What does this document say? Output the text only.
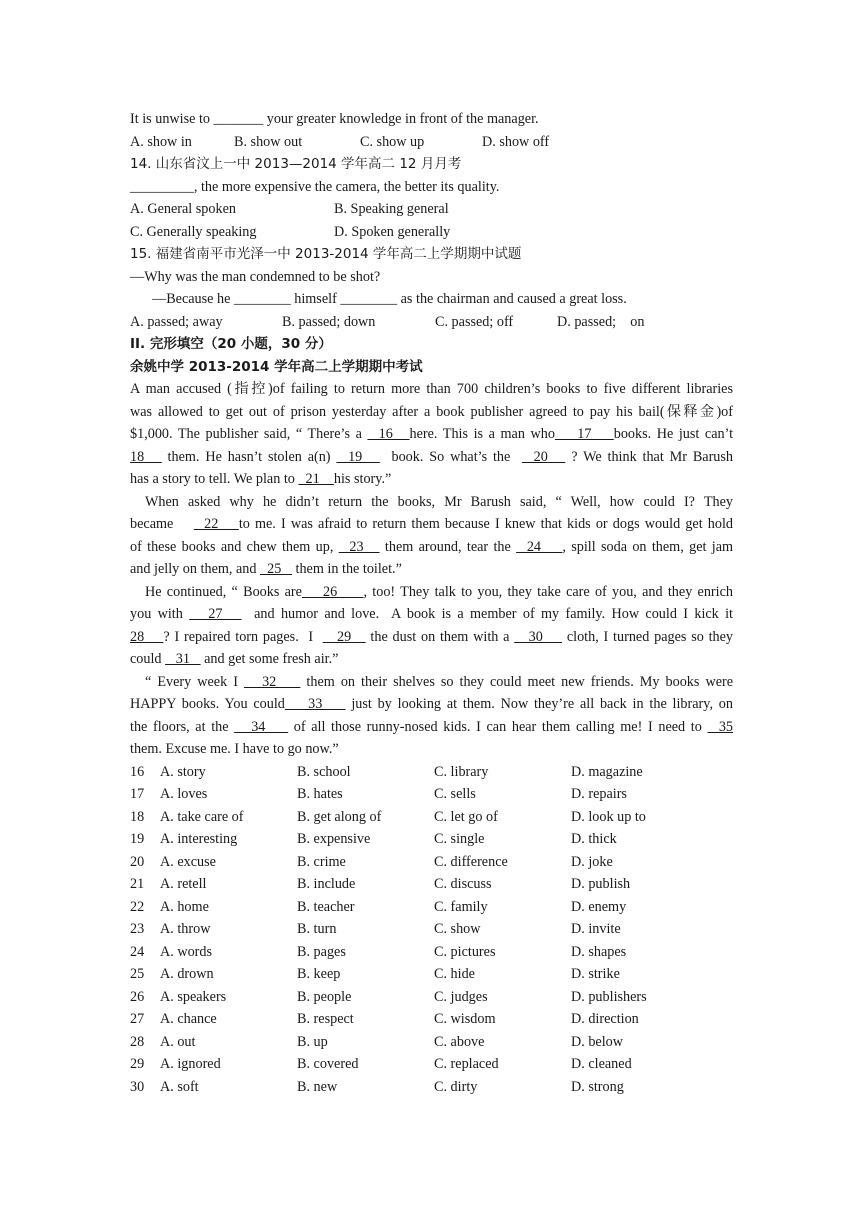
It is unwise to _______ your greater knowledge in front of the manager.
A. show in	B. show out	C. show up	D. show off
14. 山东省汶上一中 2013—2014 学年高二 12 月月考
_________, the more expensive the camera, the better its quality.
A. General spoken	B. Speaking general
C. Generally speaking	D. Spoken generally
15. 福建省南平市光泽一中 2013-2014 学年高二上学期期中试题
—Why was the man condemned to be shot?
—Because he ________ himself ________ as the chairman and caused a great loss.
A. passed; away	B. passed; down	C. passed; off	D. passed;    on
II. 完形填空（20 小题，30 分）
余姚中学 2013-2014 学年高二上学期期中考试
A man accused (指控)of failing to return more than 700 children’s books to five different libraries
was allowed to get out of prison yesterday after a book publisher agreed to pay his bail(保释金)of
$1,000. The publisher said, “ There’s a   16   here. This is a man who    17    books. He just can’t
18    them. He hasn’t stolen a(n)   19     book. So what’s the    20    ? We think that Mr Barush
has a story to tell. We plan to   21    his story.”
When asked why he didn’t return the books, Mr Barush said, “ Well, how could I? They
became      22    to me. I was afraid to return them because I knew that kids or dogs would get hold
of these books and chew them up,   23    them around, tear the   24    , spill soda on them, get jam
and jelly on them, and   25    them in the toilet.”
He continued, “ Books are    26     , too! They talk to you, they take care of you, and they enrich
you with    27     and humor and love.  A book is a member of my family. How could I kick it
28    ? I repaired torn pages.  I     29    the dust on them with a    30     cloth, I turned pages so they
could    31    and get some fresh air.”
“ Every week I    32     them on their shelves so they could meet new friends. My books were
HAPPY books. You could    33     just by looking at them. Now they’re all back in the library, on
the floors, at the    34     of all those runny-nosed kids. I can hear them calling me! I need to   35
them. Excuse me. I have to go now.”
16	A. story	B. school	C. library	D. magazine
17	A. loves	B. hates	C. sells	D. repairs
18	A. take care of	B. get along of	C. let go of	D. look up to
19	A. interesting	B. expensive	C. single	D. thick
20	A. excuse	B. crime	C. difference	D. joke
21	A. retell	B. include	C. discuss	D. publish
22	A. home	B. teacher	C. family	D. enemy
23	A. throw	B. turn	C. show	D. invite
24	A. words	B. pages	C. pictures	D. shapes
25	A. drown	B. keep	C. hide	D. strike
26	A. speakers	B. people	C. judges	D. publishers
27	A. chance	B. respect	C. wisdom	D. direction
28	A. out	B. up	C. above	D. below
29	A. ignored	B. covered	C. replaced	D. cleaned
30	A. soft	B. new	C. dirty	D. strong
